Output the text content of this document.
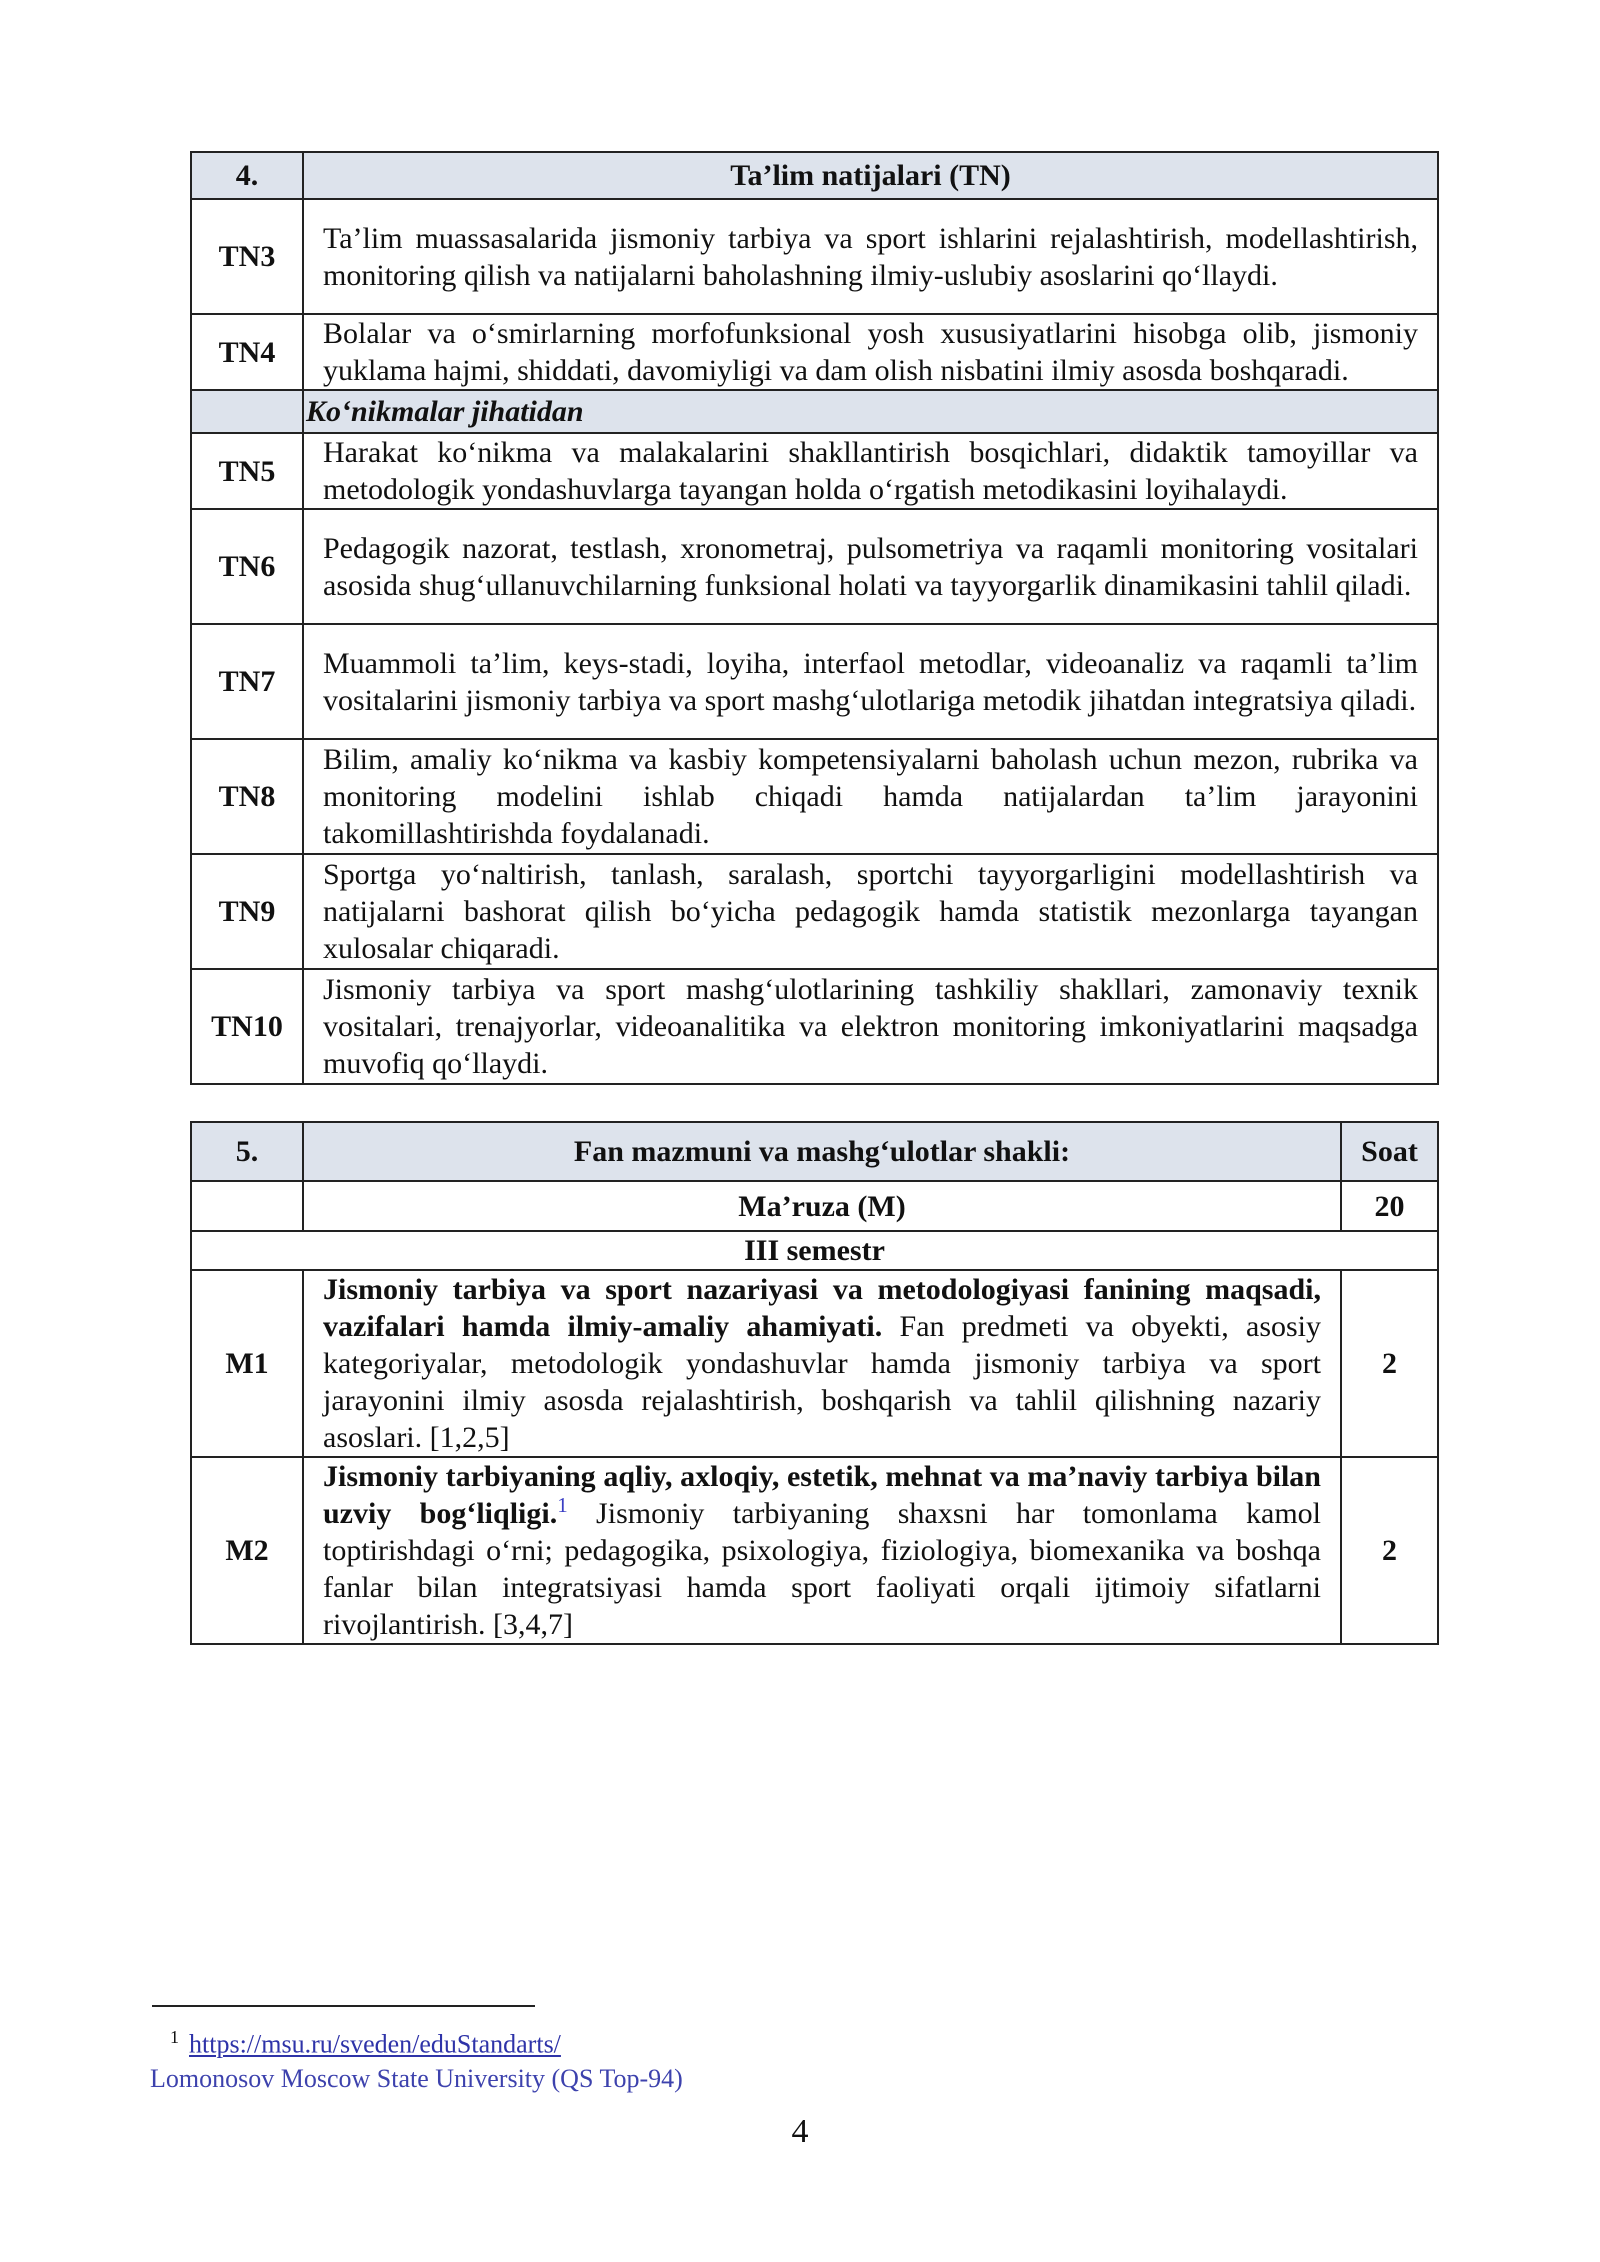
4.	Ta’lim natijalari (TN)
TN3	Ta’lim muassasalarida jismoniy tarbiya va sport ishlarini rejalashtirish, modellashtirish, monitoring qilish va natijalarni baholashning ilmiy-uslubiy asoslarini qo‘llaydi.
TN4	Bolalar va o‘smirlarning morfofunksional yosh xususiyatlarini hisobga olib, jismoniy yuklama hajmi, shiddati, davomiyligi va dam olish nisbatini ilmiy asosda boshqaradi.
	Ko‘nikmalar jihatidan
TN5	Harakat ko‘nikma va malakalarini shakllantirish bosqichlari, didaktik tamoyillar va metodologik yondashuvlarga tayangan holda o‘rgatish metodikasini loyihalaydi.
TN6	Pedagogik nazorat, testlash, xronometraj, pulsometriya va raqamli monitoring vositalari asosida shug‘ullanuvchilarning funksional holati va tayyorgarlik dinamikasini tahlil qiladi.
TN7	Muammoli ta’lim, keys-stadi, loyiha, interfaol metodlar, videoanaliz va raqamli ta’lim vositalarini jismoniy tarbiya va sport mashg‘ulotlariga metodik jihatdan integratsiya qiladi.
TN8	Bilim, amaliy ko‘nikma va kasbiy kompetensiyalarni baholash uchun mezon, rubrika va monitoring modelini ishlab chiqadi hamda natijalardan ta’lim jarayonini takomillashtirishda foydalanadi.
TN9	Sportga yo‘naltirish, tanlash, saralash, sportchi tayyorgarligini modellashtirish va natijalarni bashorat qilish bo‘yicha pedagogik hamda statistik mezonlarga tayangan xulosalar chiqaradi.
TN10	Jismoniy tarbiya va sport mashg‘ulotlarining tashkiliy shakllari, zamonaviy texnik vositalari, trenajyorlar, videoanalitika va elektron monitoring imkoniyatlarini maqsadga muvofiq qo‘llaydi.
5.	Fan mazmuni va mashg‘ulotlar shakli:	Soat
	Ma’ruza (M)	20
III semestr		
M1	Jismoniy tarbiya va sport nazariyasi va metodologiyasi fanining maqsadi, vazifalari hamda ilmiy-amaliy ahamiyati. Fan predmeti va obyekti, asosiy kategoriyalar, metodologik yondashuvlar hamda jismoniy tarbiya va sport jarayonini ilmiy asosda rejalashtirish, boshqarish va tahlil qilishning nazariy asoslari. [1,2,5]	2
M2	Jismoniy tarbiyaning aqliy, axloqiy, estetik, mehnat va ma’naviy tarbiya bilan uzviy bog‘liqligi.$^1$ Jismoniy tarbiyaning shaxsni har tomonlama kamol toptirishdagi o‘rni; pedagogika, psixologiya, fiziologiya, biomexanika va boshqa fanlar bilan integratsiyasi hamda sport faoliyati orqali ijtimoiy sifatlarni rivojlantirish. [3,4,7]	2
$^1$ https://msu.ru/sveden/eduStandarts/
Lomonosov Moscow State University (QS Top-94)
4
